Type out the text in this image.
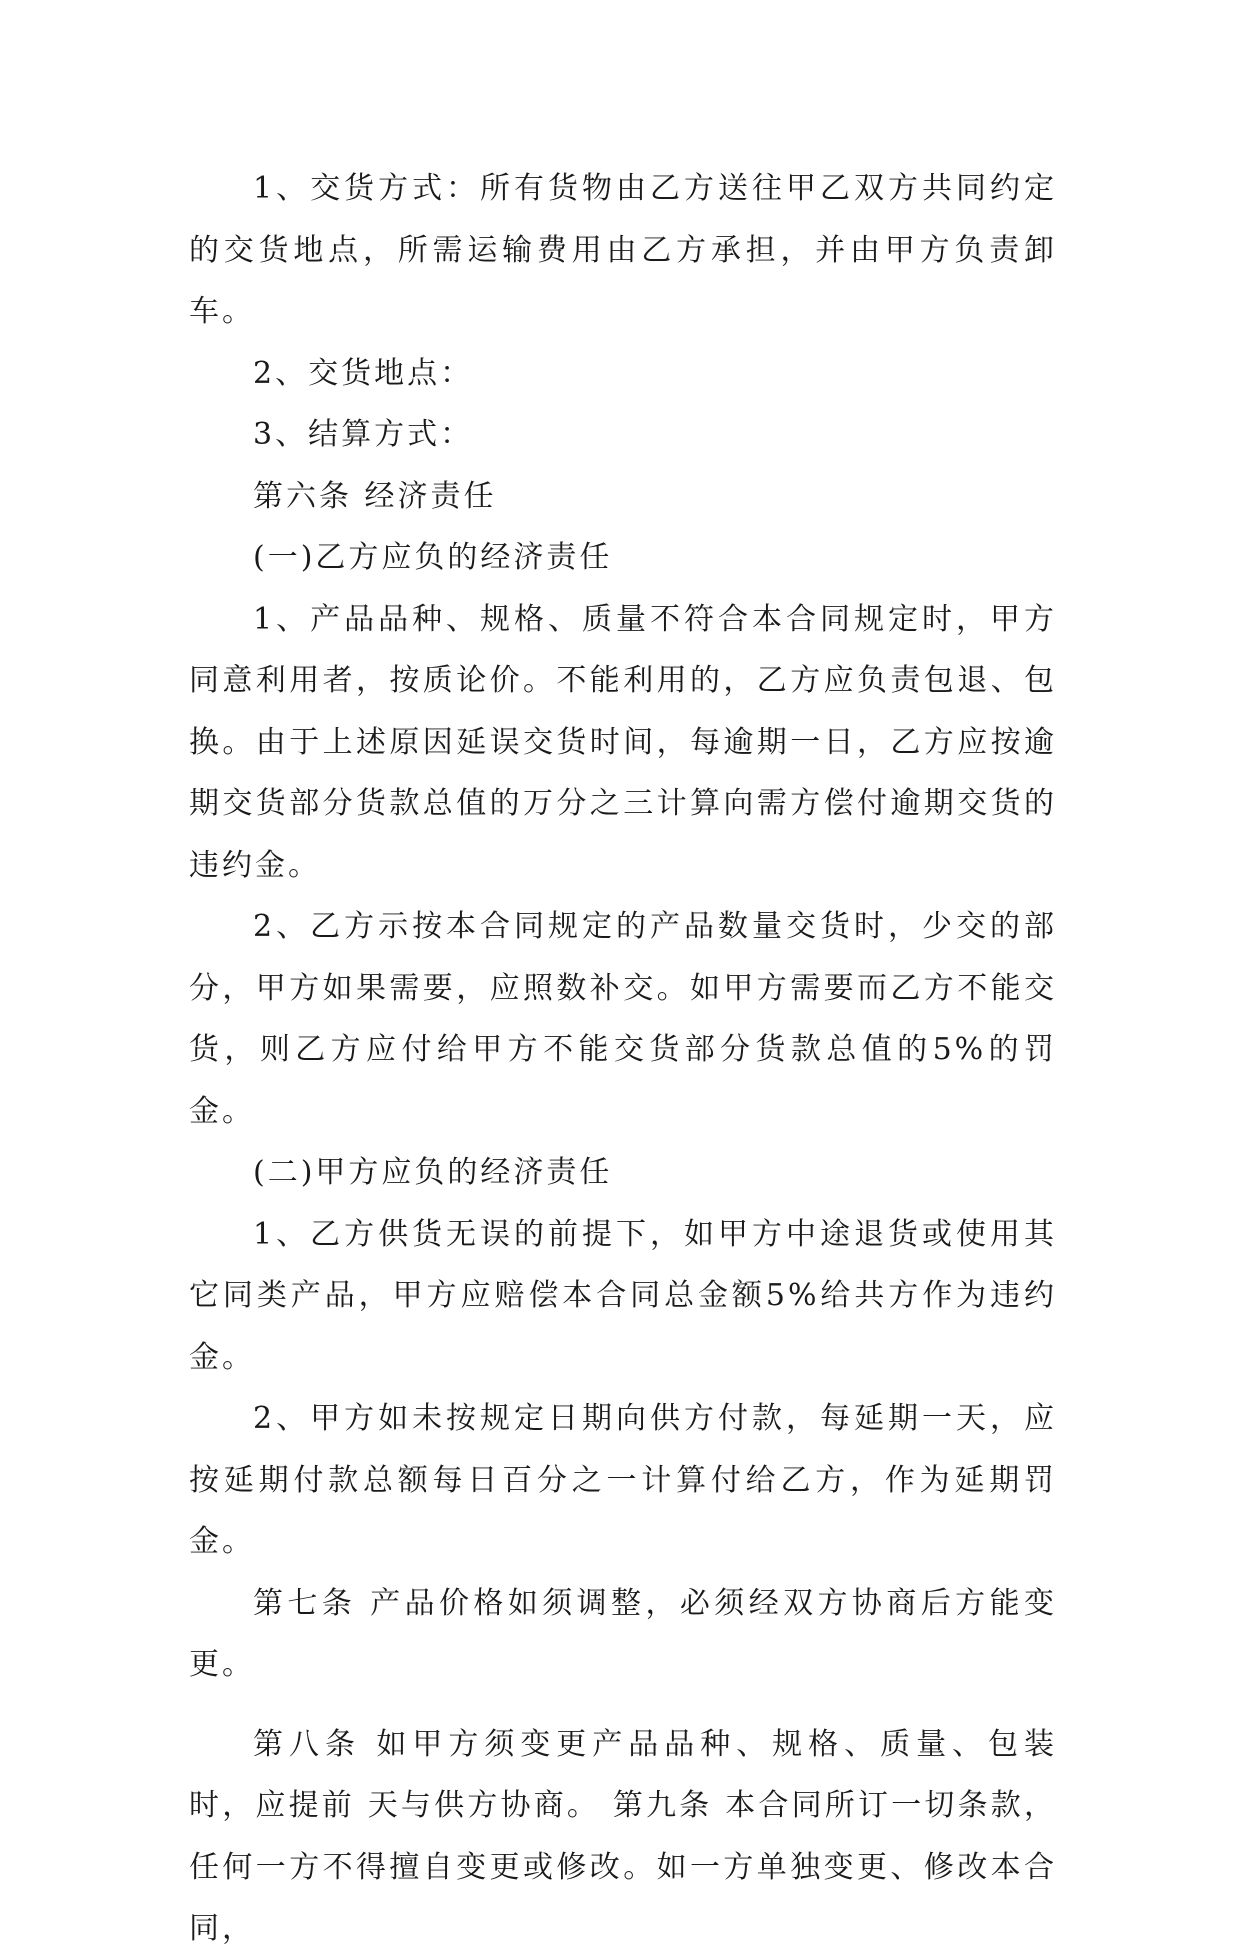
1、交货方式：所有货物由乙方送往甲乙双方共同约定的交货地点，所需运输费用由乙方承担，并由甲方负责卸车。

2、交货地点：

3、结算方式：

第六条 经济责任

(一)乙方应负的经济责任

1、产品品种、规格、质量不符合本合同规定时，甲方同意利用者，按质论价。不能利用的，乙方应负责包退、包换。由于上述原因延误交货时间，每逾期一日，乙方应按逾期交货部分货款总值的万分之三计算向需方偿付逾期交货的违约金。

2、乙方示按本合同规定的产品数量交货时，少交的部分，甲方如果需要，应照数补交。如甲方需要而乙方不能交货，则乙方应付给甲方不能交货部分货款总值的5%的罚金。

(二)甲方应负的经济责任

1、乙方供货无误的前提下，如甲方中途退货或使用其它同类产品，甲方应赔偿本合同总金额5%给共方作为违约金。

2、甲方如未按规定日期向供方付款，每延期一天，应按延期付款总额每日百分之一计算付给乙方，作为延期罚金。

第七条 产品价格如须调整，必须经双方协商后方能变更。

第八条 如甲方须变更产品品种、规格、质量、包装时，应提前 天与供方协商。 第九条 本合同所订一切条款，任何一方不得擅自变更或修改。如一方单独变更、修改本合同，
